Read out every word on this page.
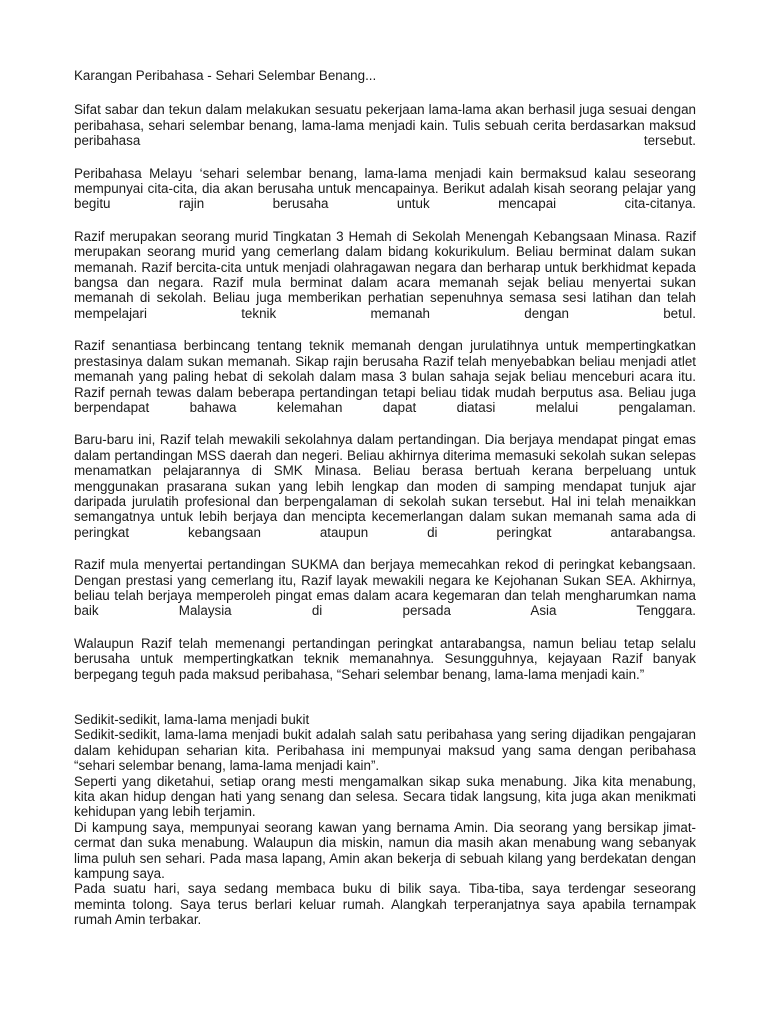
Karangan Peribahasa - Sehari Selembar Benang...

Sifat sabar dan tekun dalam melakukan sesuatu pekerjaan lama-lama akan berhasil juga sesuai dengan peribahasa, sehari selembar benang, lama-lama menjadi kain. Tulis sebuah cerita berdasarkan maksud peribahasa tersebut.

Peribahasa Melayu ‘sehari selembar benang, lama-lama menjadi kain bermaksud kalau seseorang mempunyai cita-cita, dia akan berusaha untuk mencapainya. Berikut adalah kisah seorang pelajar yang begitu rajin berusaha untuk mencapai cita-citanya.

Razif merupakan seorang murid Tingkatan 3 Hemah di Sekolah Menengah Kebangsaan Minasa. Razif merupakan seorang murid yang cemerlang dalam bidang kokurikulum. Beliau berminat dalam sukan memanah. Razif bercita-cita untuk menjadi olahragawan negara dan berharap untuk berkhidmat kepada bangsa dan negara. Razif mula berminat dalam acara memanah sejak beliau menyertai sukan memanah di sekolah. Beliau juga memberikan perhatian sepenuhnya semasa sesi latihan dan telah mempelajari teknik memanah dengan betul.

Razif senantiasa berbincang tentang teknik memanah dengan jurulatihnya untuk mempertingkatkan prestasinya dalam sukan memanah. Sikap rajin berusaha Razif telah menyebabkan beliau menjadi atlet memanah yang paling hebat di sekolah dalam masa 3 bulan sahaja sejak beliau menceburi acara itu. Razif pernah tewas dalam beberapa pertandingan tetapi beliau tidak mudah berputus asa. Beliau juga berpendapat bahawa kelemahan dapat diatasi melalui pengalaman.

Baru-baru ini, Razif telah mewakili sekolahnya dalam pertandingan. Dia berjaya mendapat pingat emas dalam pertandingan MSS daerah dan negeri. Beliau akhirnya diterima memasuki sekolah sukan selepas menamatkan pelajarannya di SMK Minasa. Beliau berasa bertuah kerana berpeluang untuk menggunakan prasarana sukan yang lebih lengkap dan moden di samping mendapat tunjuk ajar daripada jurulatih profesional dan berpengalaman di sekolah sukan tersebut. Hal ini telah menaikkan semangatnya untuk lebih berjaya dan mencipta kecemerlangan dalam sukan memanah sama ada di peringkat kebangsaan ataupun di peringkat antarabangsa.

Razif mula menyertai pertandingan SUKMA dan berjaya memecahkan rekod di peringkat kebangsaan. Dengan prestasi yang cemerlang itu, Razif layak mewakili negara ke Kejohanan Sukan SEA. Akhirnya, beliau telah berjaya memperoleh pingat emas dalam acara kegemaran dan telah mengharumkan nama baik Malaysia di persada Asia Tenggara.

Walaupun Razif telah memenangi pertandingan peringkat antarabangsa, namun beliau tetap selalu berusaha untuk mempertingkatkan teknik memanahnya. Sesungguhnya, kejayaan Razif banyak berpegang teguh pada maksud peribahasa, “Sehari selembar benang, lama-lama menjadi kain.”

Sedikit-sedikit, lama-lama menjadi bukit

Sedikit-sedikit, lama-lama menjadi bukit adalah salah satu peribahasa yang sering dijadikan pengajaran dalam kehidupan seharian kita. Peribahasa ini mempunyai maksud yang sama dengan peribahasa “sehari selembar benang, lama-lama menjadi kain”.

Seperti yang diketahui, setiap orang mesti mengamalkan sikap suka menabung. Jika kita menabung, kita akan hidup dengan hati yang senang dan selesa. Secara tidak langsung, kita juga akan menikmati kehidupan yang lebih terjamin.

Di kampung saya, mempunyai seorang kawan yang bernama Amin. Dia seorang yang bersikap jimat-cermat dan suka menabung. Walaupun dia miskin, namun dia masih akan menabung wang sebanyak lima puluh sen sehari. Pada masa lapang, Amin akan bekerja di sebuah kilang yang berdekatan dengan kampung saya.

Pada suatu hari, saya sedang membaca buku di bilik saya. Tiba-tiba, saya terdengar seseorang meminta tolong. Saya terus berlari keluar rumah. Alangkah terperanjatnya saya apabila ternampak rumah Amin terbakar.
